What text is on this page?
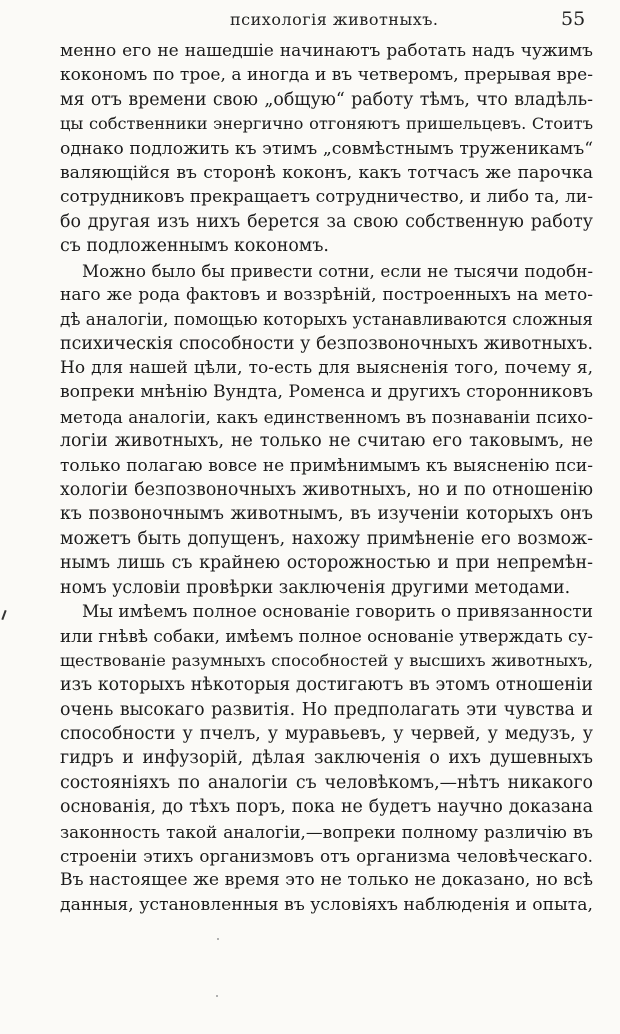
психологія животныхъ.	55
менно его не нашедшіе начинаютъ работать надъ чужимъ
кокономъ по трое, а иногда и въ четверомъ, прерывая вре-
мя отъ времени свою „общую“ работу тѣмъ, что владѣль-
цы собственники энергично отгоняютъ пришельцевъ. Стоитъ
однако подложить къ этимъ „совмѣстнымъ труженикамъ“
валяющійся въ сторонѣ коконъ, какъ тотчасъ же парочка
сотрудниковъ прекращаетъ сотрудничество, и либо та, ли-
бо другая изъ нихъ берется за свою собственную работу
съ подложеннымъ кокономъ.
Можно было бы привести сотни, если не тысячи подобн-
наго же рода фактовъ и воззрѣній, построенныхъ на мето-
дѣ аналогіи, помощью которыхъ устанавливаются сложныя
психическія способности у безпозвоночныхъ животныхъ.
Но для нашей цѣли, то-есть для выясненія того, почему я,
вопреки мнѣнію Вундта, Роменса и другихъ сторонниковъ
метода аналогіи, какъ единственномъ въ познаваніи психо-
логіи животныхъ, не только не считаю его таковымъ, не
только полагаю вовсе не примѣнимымъ къ выясненію пси-
хологіи безпозвоночныхъ животныхъ, но и по отношенію
къ позвоночнымъ животнымъ, въ изученіи которыхъ онъ
можетъ быть допущенъ, нахожу примѣненіе его возмож-
нымъ лишь съ крайнею осторожностью и при непремѣн-
номъ условіи провѣрки заключенія другими методами.
Мы имѣемъ полное основаніе говорить о привязанности
или гнѣвѣ собаки, имѣемъ полное основаніе утверждать су-
ществованіе разумныхъ способностей у высшихъ животныхъ,
изъ которыхъ нѣкоторыя достигаютъ въ этомъ отношеніи
очень высокаго развитія. Но предполагать эти чувства и
способности у пчелъ, у муравьевъ, у червей, у медузъ, у
гидръ и инфузорій, дѣлая заключенія о ихъ душевныхъ
состояніяхъ по аналогіи съ человѣкомъ,—нѣтъ никакого
основанія, до тѣхъ поръ, пока не будетъ научно доказана
законность такой аналогіи,—вопреки полному различію въ
строеніи этихъ организмовъ отъ организма человѣческаго.
Въ настоящее же время это не только не доказано, но всѣ
данныя, установленныя въ условіяхъ наблюденія и опыта,
